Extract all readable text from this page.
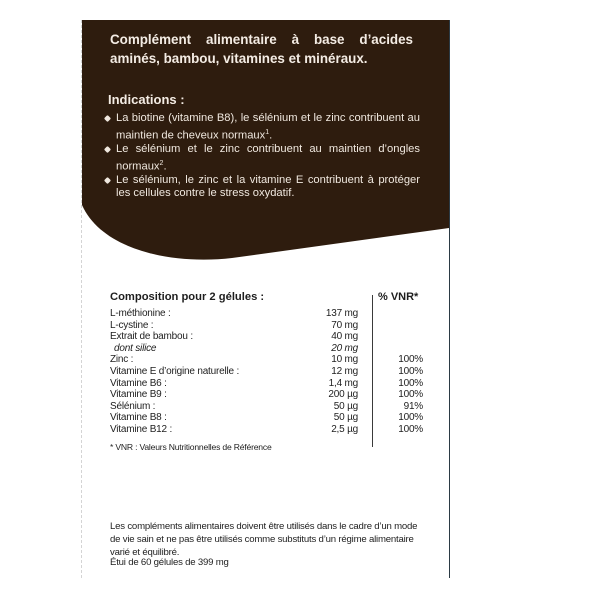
Complément alimentaire à base d’acides aminés, bambou, vitamines et minéraux.
Indications :
La biotine (vitamine B8), le sélénium et le zinc contribuent au maintien de cheveux normaux$^1$.
Le sélénium et le zinc contribuent au maintien d’ongles normaux$^2$.
Le sélénium, le zinc et la vitamine E contribuent à protéger les cellules contre le stress oxydatif.
Composition pour 2 gélules :	% VNR*
L-méthionine :	137 mg
L-cystine :	70 mg
Extrait de bambou :	40 mg
dont silice	20 mg
Zinc :	10 mg	100%
Vitamine E d’origine naturelle :	12 mg	100%
Vitamine B6 :	1,4 mg	100%
Vitamine B9 :	200 µg	100%
Sélénium :	50 µg	91%
Vitamine B8 :	50 µg	100%
Vitamine B12 :	2,5 µg	100%
* VNR : Valeurs Nutritionnelles de Référence
Les compléments alimentaires doivent être utilisés dans le cadre d’un mode de vie sain et ne pas être utilisés comme substituts d’un régime alimentaire varié et équilibré.
Étui de 60 gélules de 399 mg
